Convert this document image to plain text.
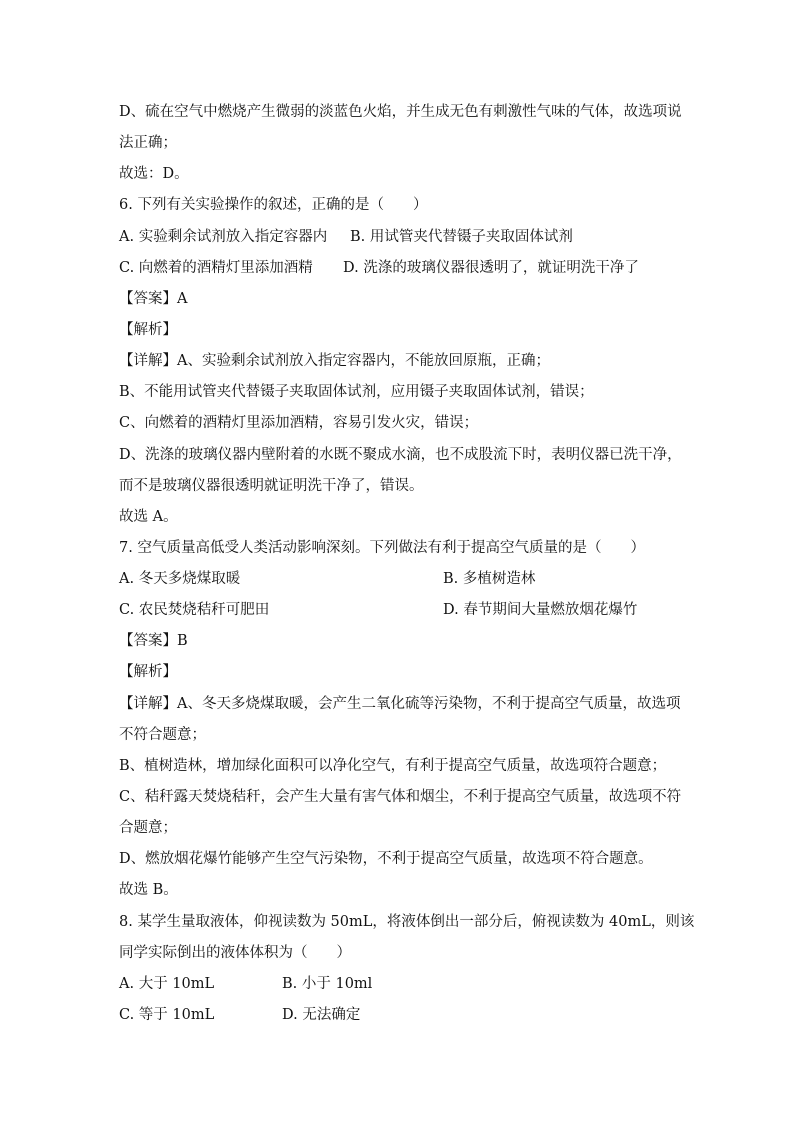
D、硫在空气中燃烧产生微弱的淡蓝色火焰，并生成无色有刺激性气味的气体，故选项说
法正确；
故选：D。
6. 下列有关实验操作的叙述，正确的是（　　）
A. 实验剩余试剂放入指定容器内 B. 用试管夹代替镊子夹取固体试剂
C. 向燃着的酒精灯里添加酒精 D. 洗涤的玻璃仪器很透明了，就证明洗干净了
【答案】A
【解析】
【详解】A、实验剩余试剂放入指定容器内，不能放回原瓶，正确；
B、不能用试管夹代替镊子夹取固体试剂，应用镊子夹取固体试剂，错误；
C、向燃着的酒精灯里添加酒精，容易引发火灾，错误；
D、洗涤的玻璃仪器内壁附着的水既不聚成水滴，也不成股流下时，表明仪器已洗干净，
而不是玻璃仪器很透明就证明洗干净了，错误。
故选 A。
7. 空气质量高低受人类活动影响深刻。下列做法有利于提高空气质量的是（　　）
A. 冬天多烧煤取暖	B. 多植树造林
C. 农民焚烧秸秆可肥田	D. 春节期间大量燃放烟花爆竹
【答案】B
【解析】
【详解】A、冬天多烧煤取暖，会产生二氧化硫等污染物，不利于提高空气质量，故选项
不符合题意；
B、植树造林，增加绿化面积可以净化空气，有利于提高空气质量，故选项符合题意；
C、秸秆露天焚烧秸秆，会产生大量有害气体和烟尘，不利于提高空气质量，故选项不符
合题意；
D、燃放烟花爆竹能够产生空气污染物，不利于提高空气质量，故选项不符合题意。
故选 B。
8. 某学生量取液体，仰视读数为 50mL，将液体倒出一部分后，俯视读数为 40mL，则该
同学实际倒出的液体体积为（　　）
A. 大于 10mL	B. 小于 10ml
C. 等于 10mL	D. 无法确定
